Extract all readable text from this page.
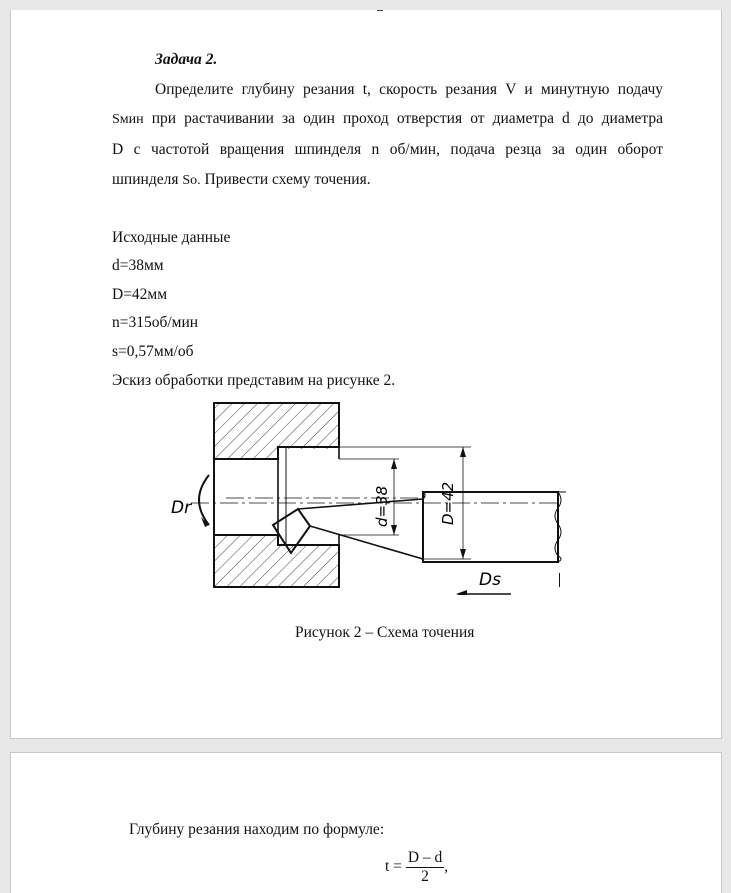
Задача 2.
Определите глубину резания t, скорость резания V и минутную подачу
Sмин при растачивании за один проход отверстия от диаметра d до диаметра
D с частотой вращения шпинделя n об/мин, подача резца за один оборот
шпинделя So. Привести схему точения.
Исходные данные
d=38мм
D=42мм
n=315об/мин
s=0,57мм/об
Эскиз обработки представим на рисунке 2.
Dr	d=38	D=42
Ds
Рисунок 2 – Схема точения
Глубину резания находим по формуле:
$t = \frac{D - d}{2}$ ,
